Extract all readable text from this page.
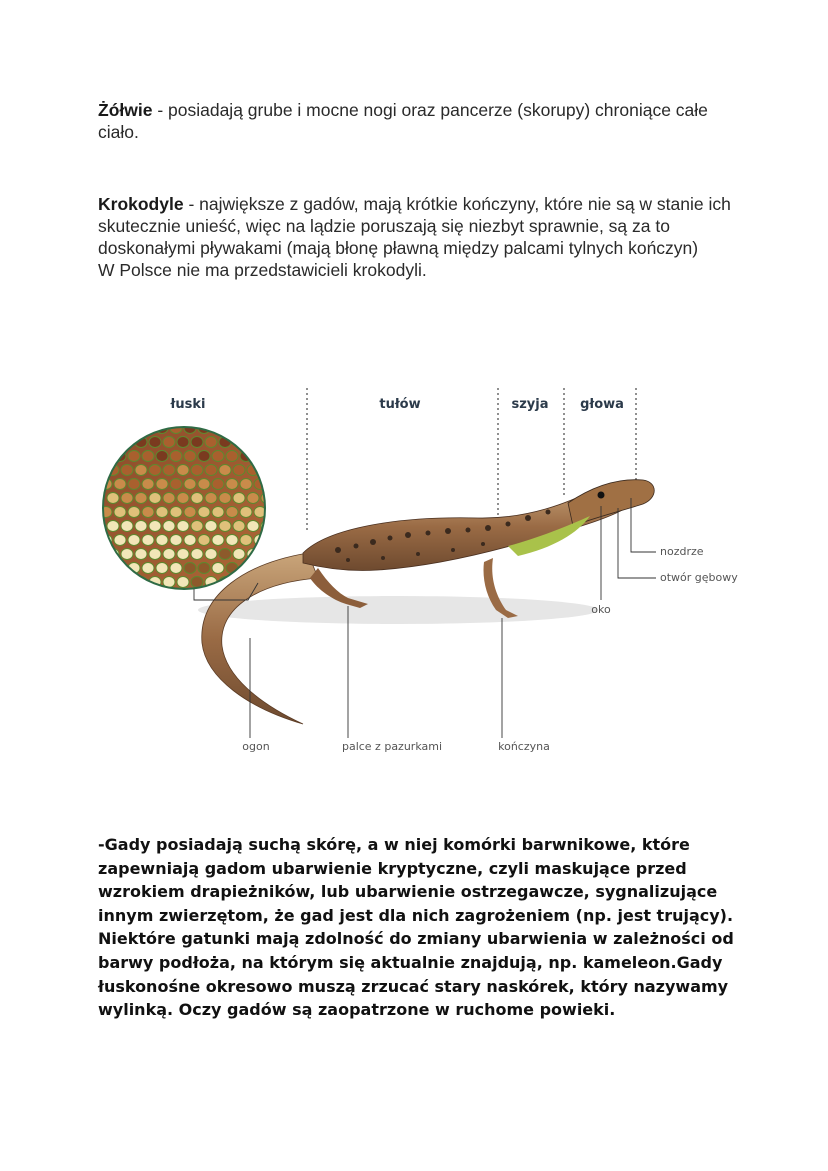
Żółwie - posiadają grube i mocne nogi oraz pancerze (skorupy) chroniące całe ciało.
Krokodyle - największe z gadów, mają krótkie kończyny, które nie są w stanie ich skutecznie unieść, więc na lądzie poruszają się niezbyt sprawnie, są za to doskonałymi pływakami (mają błonę pławną między palcami tylnych kończyn)
W Polsce nie ma przedstawicieli krokodyli.
łuski	tułów	szyja głowa
nozdrze
otwór gębowy
oko
ogon	palce z pazurkami	kończyna
-Gady posiadają suchą skórę, a w niej komórki barwnikowe, które zapewniają gadom ubarwienie kryptyczne, czyli maskujące przed wzrokiem drapieżników, lub ubarwienie ostrzegawcze, sygnalizujące innym zwierzętom, że gad jest dla nich zagrożeniem (np. jest trujący). Niektóre gatunki mają zdolność do zmiany ubarwienia w zależności od barwy podłoża, na którym się aktualnie znajdują, np. kameleon.Gady łuskonośne okresowo muszą zrzucać stary naskórek, który nazywamy wylinką. Oczy gadów są zaopatrzone w ruchome powieki.
